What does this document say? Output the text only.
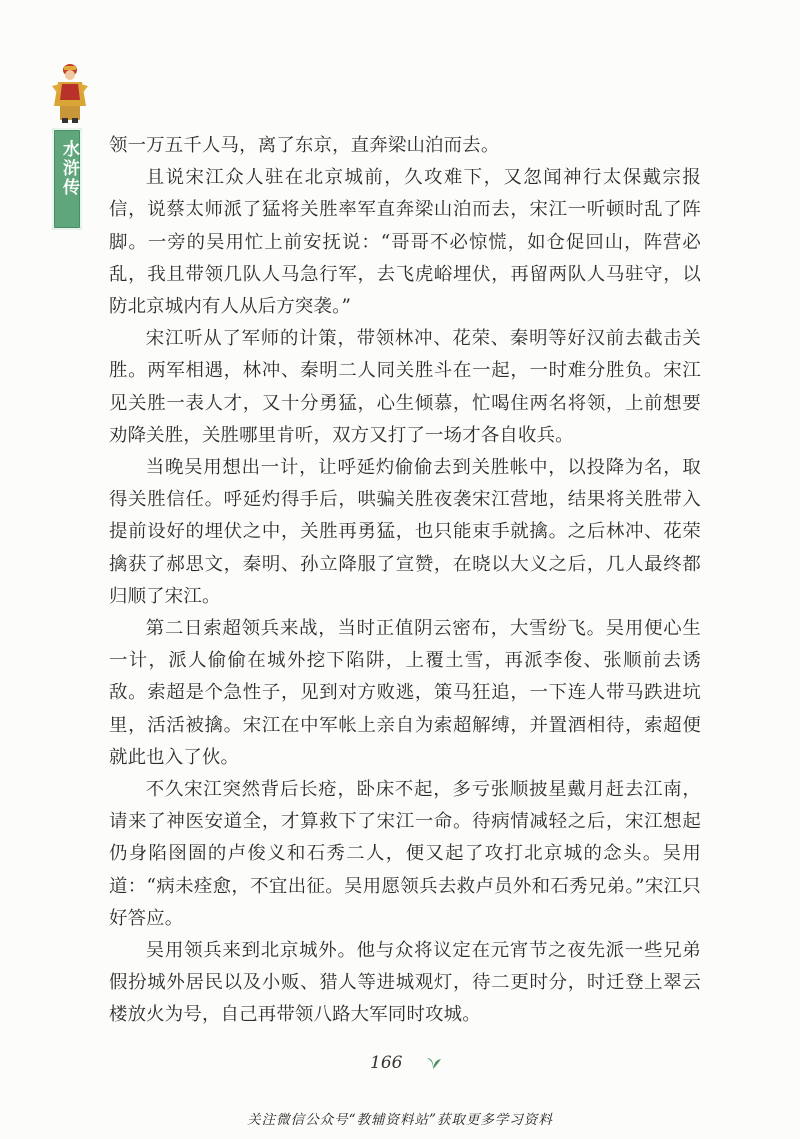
水浒传 领一万五千人马，离了东京，直奔梁山泊而去。

且说宋江众人驻在北京城前，久攻难下，又忽闻神行太保戴宗报信，说蔡太师派了猛将关胜率军直奔梁山泊而去，宋江一听顿时乱了阵脚。一旁的吴用忙上前安抚说：“哥哥不必惊慌，如仓促回山，阵营必乱，我且带领几队人马急行军，去飞虎峪埋伏，再留两队人马驻守，以防北京城内有人从后方突袭。”

宋江听从了军师的计策，带领林冲、花荣、秦明等好汉前去截击关胜。两军相遇，林冲、秦明二人同关胜斗在一起，一时难分胜负。宋江见关胜一表人才，又十分勇猛，心生倾慕，忙喝住两名将领，上前想要劝降关胜，关胜哪里肯听，双方又打了一场才各自收兵。

当晚吴用想出一计，让呼延灼偷偷去到关胜帐中，以投降为名，取得关胜信任。呼延灼得手后，哄骗关胜夜袭宋江营地，结果将关胜带入提前设好的埋伏之中，关胜再勇猛，也只能束手就擒。之后林冲、花荣擒获了郝思文，秦明、孙立降服了宣赞，在晓以大义之后，几人最终都归顺了宋江。

第二日索超领兵来战，当时正值阴云密布，大雪纷飞。吴用便心生一计，派人偷偷在城外挖下陷阱，上覆土雪，再派李俊、张顺前去诱敌。索超是个急性子，见到对方败逃，策马狂追，一下连人带马跌进坑里，活活被擒。宋江在中军帐上亲自为索超解缚，并置酒相待，索超便就此也入了伙。

不久宋江突然背后长疮，卧床不起，多亏张顺披星戴月赶去江南，请来了神医安道全，才算救下了宋江一命。待病情减轻之后，宋江想起仍身陷囹圄的卢俊义和石秀二人，便又起了攻打北京城的念头。吴用道：“病未痊愈，不宜出征。吴用愿领兵去救卢员外和石秀兄弟。”宋江只好答应。

吴用领兵来到北京城外。他与众将议定在元宵节之夜先派一些兄弟假扮城外居民以及小贩、猎人等进城观灯，待二更时分，时迁登上翠云楼放火为号，自己再带领八路大军同时攻城。

166
关注微信公众号“教辅资料站”获取更多学习资料
